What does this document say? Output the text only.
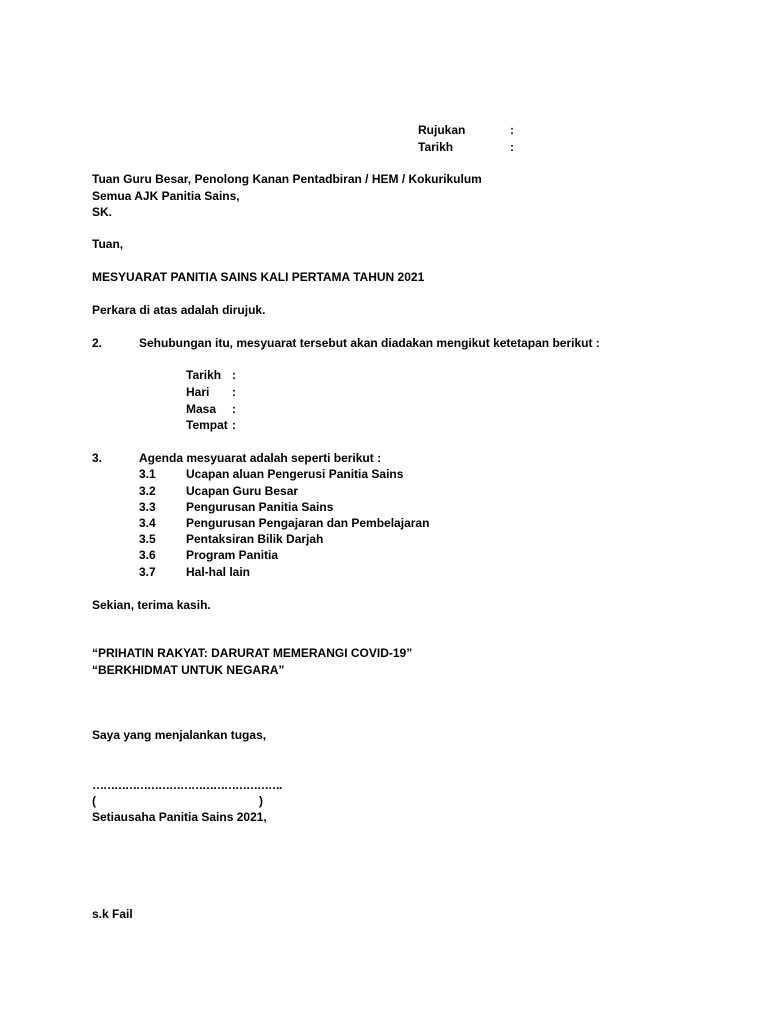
Rujukan	:
Tarikh	:
Tuan Guru Besar, Penolong Kanan Pentadbiran / HEM / Kokurikulum
Semua AJK Panitia Sains,
SK.
Tuan,
MESYUARAT PANITIA SAINS KALI PERTAMA TAHUN 2021
Perkara di atas adalah dirujuk.
2.	Sehubungan itu, mesyuarat tersebut akan diadakan mengikut ketetapan berikut :
Tarikh :
Hari :
Masa :
Tempat :
3.	Agenda mesyuarat adalah seperti berikut :
3.1	Ucapan aluan Pengerusi Panitia Sains
3.2	Ucapan Guru Besar
3.3	Pengurusan Panitia Sains
3.4	Pengurusan Pengajaran dan Pembelajaran
3.5	Pentaksiran Bilik Darjah
3.6	Program Panitia
3.7	Hal-hal lain
Sekian, terima kasih.
“PRIHATIN RAKYAT: DARURAT MEMERANGI COVID-19”
“BERKHIDMAT UNTUK NEGARA”
Saya yang menjalankan tugas,
…………………………………………….
(	)
Setiausaha Panitia Sains 2021,
s.k Fail
